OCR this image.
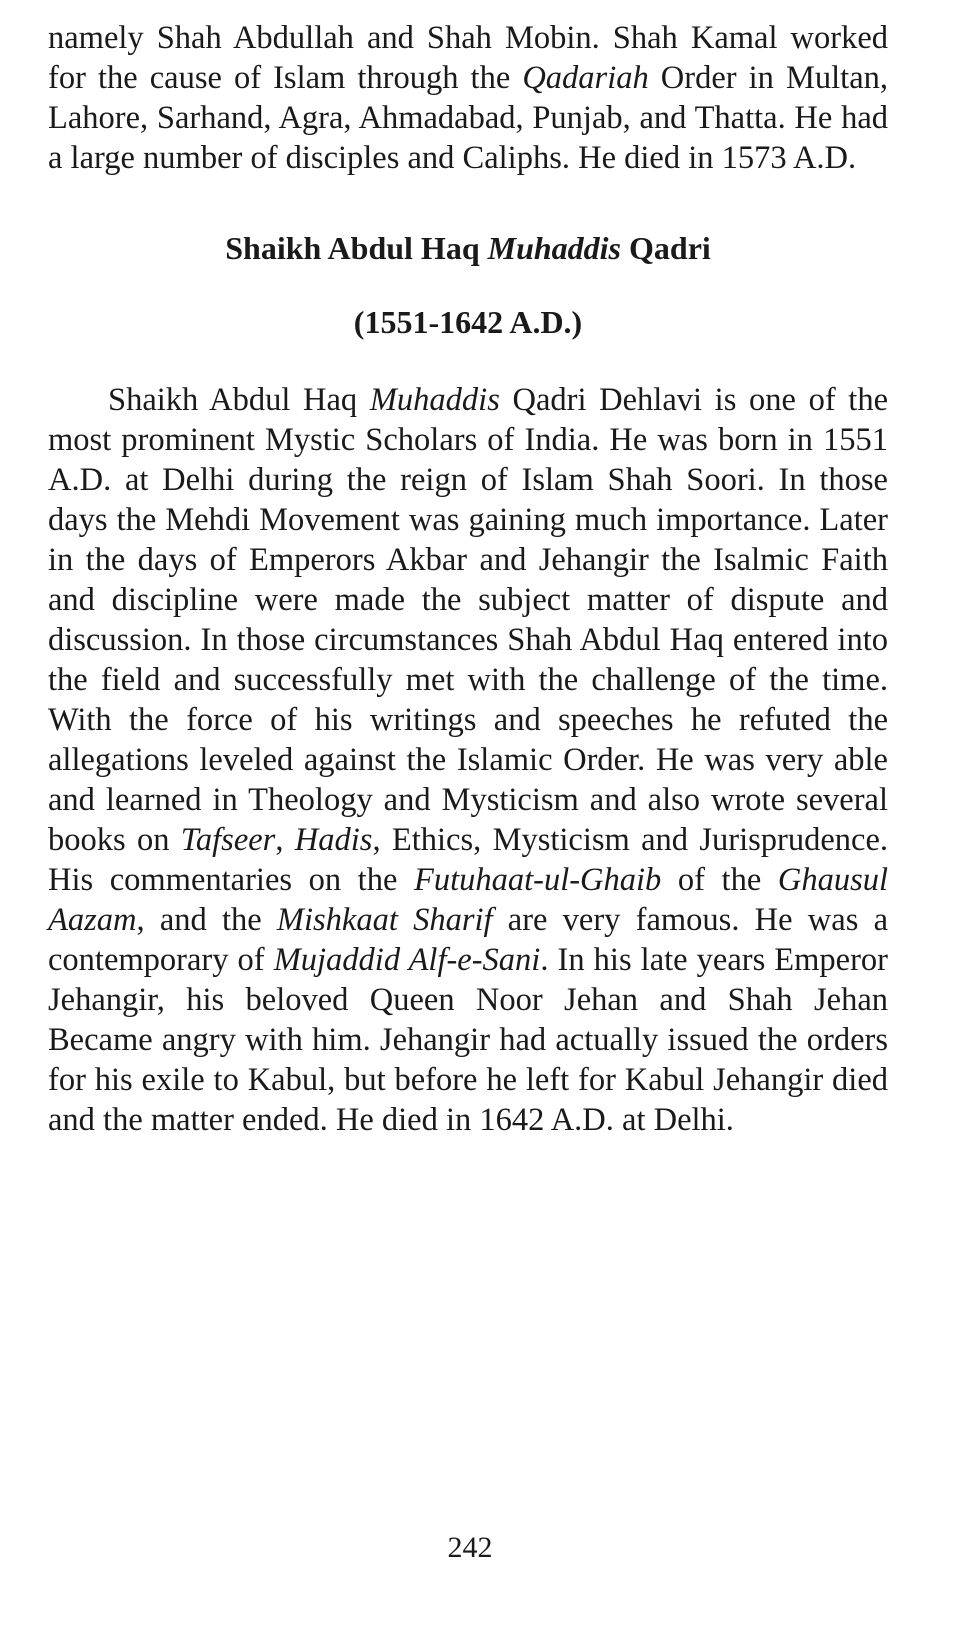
namely Shah Abdullah and Shah Mobin. Shah Kamal worked for the cause of Islam through the Qadariah Order in Multan, Lahore, Sarhand, Agra, Ahmadabad, Punjab, and Thatta. He had a large number of disciples and Caliphs. He died in 1573 A.D.

Shaikh Abdul Haq Muhaddis Qadri
(1551-1642 A.D.)

Shaikh Abdul Haq Muhaddis Qadri Dehlavi is one of the most prominent Mystic Scholars of India. He was born in 1551 A.D. at Delhi during the reign of Islam Shah Soori. In those days the Mehdi Movement was gaining much importance. Later in the days of Emperors Akbar and Jehangir the Isalmic Faith and discipline were made the subject matter of dispute and discussion. In those circumstances Shah Abdul Haq entered into the field and successfully met with the challenge of the time. With the force of his writings and speeches he refuted the allegations leveled against the Islamic Order. He was very able and learned in Theology and Mysticism and also wrote several books on Tafseer, Hadis, Ethics, Mysticism and Jurisprudence. His commentaries on the Futuhaat-ul-Ghaib of the Ghausul Aazam, and the Mishkaat Sharif are very famous. He was a contemporary of Mujaddid Alf-e-Sani. In his late years Emperor Jehangir, his beloved Queen Noor Jehan and Shah Jehan Became angry with him. Jehangir had actually issued the orders for his exile to Kabul, but before he left for Kabul Jehangir died and the matter ended. He died in 1642 A.D. at Delhi.

242
